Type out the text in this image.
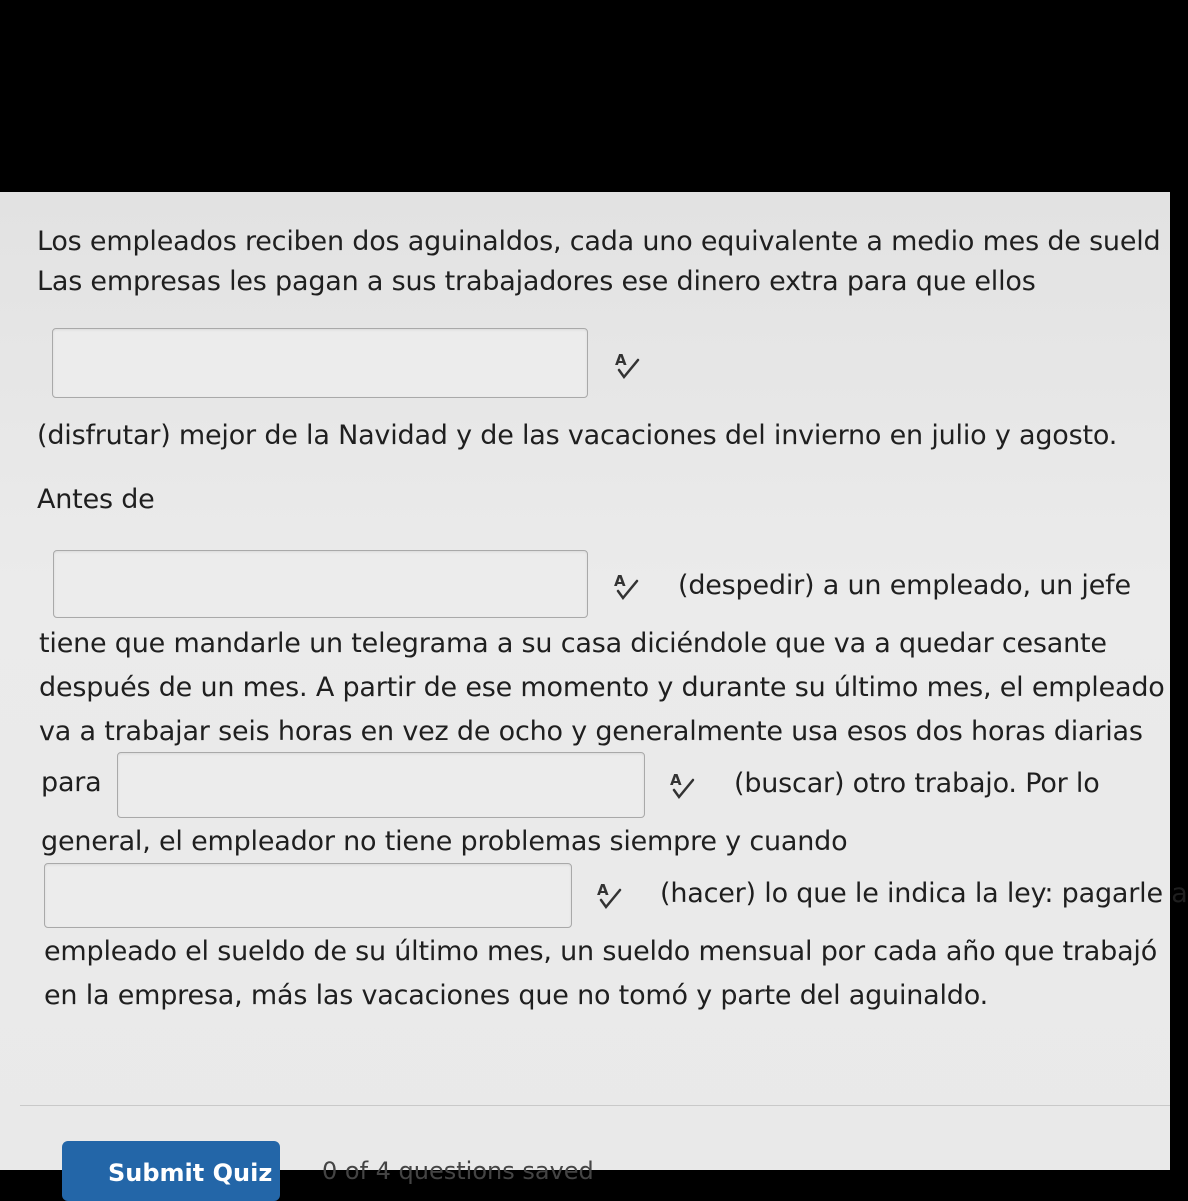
Los empleados reciben dos aguinaldos, cada uno equivalente a medio mes de sueld
Las empresas les pagan a sus trabajadores ese dinero extra para que ellos
A
(disfrutar) mejor de la Navidad y de las vacaciones del invierno en julio y agosto.
Antes de
A (despedir) a un empleado, un jefe
tiene que mandarle un telegrama a su casa diciéndole que va a quedar cesante
después de un mes. A partir de ese momento y durante su último mes, el empleado
va a trabajar seis horas en vez de ocho y generalmente usa esos dos horas diarias
para	A (buscar) otro trabajo. Por lo
general, el empleador no tiene problemas siempre y cuando
A (hacer) lo que le indica la ley: pagarle a
empleado el sueldo de su último mes, un sueldo mensual por cada año que trabajó
en la empresa, más las vacaciones que no tomó y parte del aguinaldo.
Submit Quiz	0 of 4 questions saved
